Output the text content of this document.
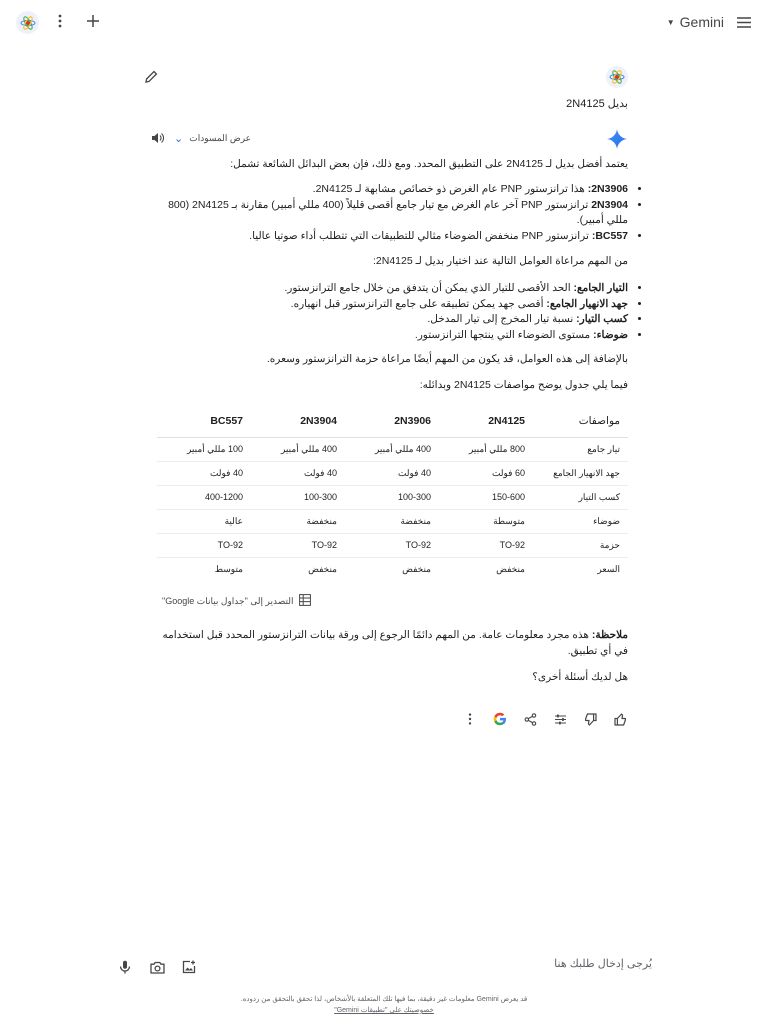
▼ Gemini
بديل 2N4125
⌄ عرض المسودات

يعتمد أفضل بديل لـ 2N4125 على التطبيق المحدد. ومع ذلك، فإن بعض البدائل الشائعة تشمل:

• 2N3906: هذا ترانزستور PNP عام الغرض ذو خصائص مشابهة لـ 2N4125.
• 2N3904 ترانزستور PNP آخر عام الغرض مع تيار جامع أقصى قليلاً (400 مللي أمبير) مقارنة بـ 2N4125 (800 مللي أمبير).
• BC557: ترانزستور PNP منخفض الضوضاء مثالي للتطبيقات التي تتطلب أداء صوتيا عاليا.

من المهم مراعاة العوامل التالية عند اختيار بديل لـ 2N4125:

• التيار الجامع: الحد الأقصى للتيار الذي يمكن أن يتدفق من خلال جامع الترانزستور.
• جهد الانهيار الجامع: أقصى جهد يمكن تطبيقه على جامع الترانزستور قبل انهياره.
• كسب التيار: نسبة تيار المخرج إلى تيار المدخل.
• ضوضاء: مستوى الضوضاء التي ينتجها الترانزستور.

بالإضافة إلى هذه العوامل، قد يكون من المهم أيضًا مراعاة حزمة الترانزستور وسعره.

فيما يلي جدول يوضح مواصفات 2N4125 وبدائله:

مواصفات	2N4125	2N3906	2N3904	BC557
تيار جامع	800 مللي أمبير	400 مللي أمبير	400 مللي أمبير	100 مللي أمبير
جهد الانهيار الجامع	60 فولت	40 فولت	40 فولت	40 فولت
كسب التيار	150-600	100-300	100-300	400-1200
ضوضاء	متوسطة	منخفضة	منخفضة	عالية
حزمة	TO-92	TO-92	TO-92	TO-92
السعر	منخفض	منخفض	منخفض	متوسط
التصدير إلى "جداول بيانات Google"

ملاحظة: هذه مجرد معلومات عامة. من المهم دائمًا الرجوع إلى ورقة بيانات الترانزستور المحدد قبل استخدامه في أي تطبيق.

هل لديك أسئلة أخرى؟

يُرجى إدخال طلبك هنا
قد يعرض Gemini معلومات غير دقيقة، بما فيها تلك المتعلقة بالأشخاص، لذا تحقق بالتحقق من ردوده.
خصوصيتك على "تطبيقات Gemini"
